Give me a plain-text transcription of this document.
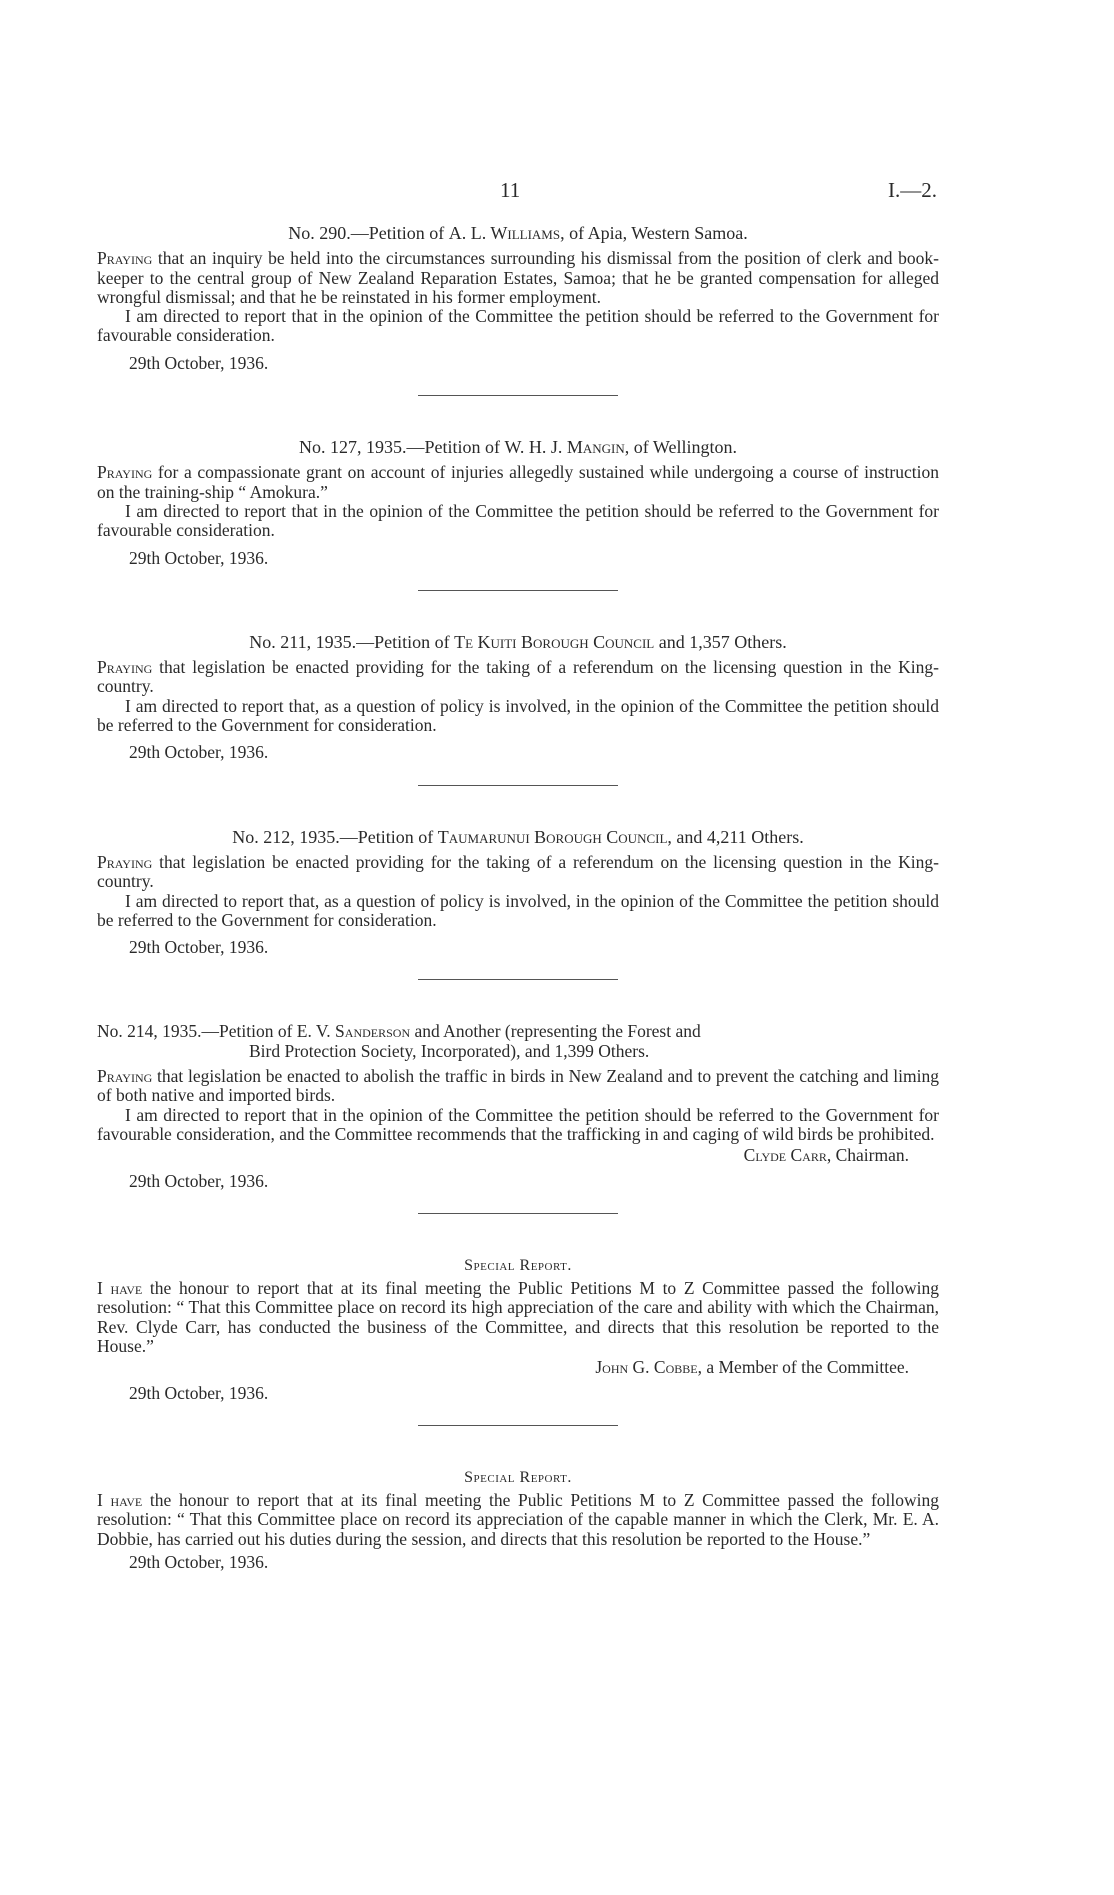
11	I.—2.

No. 290.—Petition of A. L. Williams, of Apia, Western Samoa.

Praying that an inquiry be held into the circumstances surrounding his dismissal from the position of clerk and book-keeper to the central group of New Zealand Reparation Estates, Samoa; that he be granted compensation for alleged wrongful dismissal; and that he be reinstated in his former employment.

I am directed to report that in the opinion of the Committee the petition should be referred to the Government for favourable consideration.

29th October, 1936.

No. 127, 1935.—Petition of W. H. J. Mangin, of Wellington.

Praying for a compassionate grant on account of injuries allegedly sustained while undergoing a course of instruction on the training-ship “ Amokura.”

I am directed to report that in the opinion of the Committee the petition should be referred to the Government for favourable consideration.

29th October, 1936.

No. 211, 1935.—Petition of Te Kuiti Borough Council and 1,357 Others.

Praying that legislation be enacted providing for the taking of a referendum on the licensing question in the King-country.

I am directed to report that, as a question of policy is involved, in the opinion of the Committee the petition should be referred to the Government for consideration.

29th October, 1936.

No. 212, 1935.—Petition of Taumarunui Borough Council, and 4,211 Others.

Praying that legislation be enacted providing for the taking of a referendum on the licensing question in the King-country.

I am directed to report that, as a question of policy is involved, in the opinion of the Committee the petition should be referred to the Government for consideration.

29th October, 1936.

No. 214, 1935.—Petition of E. V. Sanderson and Another (representing the Forest and
Bird Protection Society, Incorporated), and 1,399 Others.

Praying that legislation be enacted to abolish the traffic in birds in New Zealand and to prevent the catching and liming of both native and imported birds.

I am directed to report that in the opinion of the Committee the petition should be referred to the Government for favourable consideration, and the Committee recommends that the trafficking in and caging of wild birds be prohibited.

Clyde Carr, Chairman.

29th October, 1936.

Special Report.

I have the honour to report that at its final meeting the Public Petitions M to Z Committee passed the following resolution: “ That this Committee place on record its high appreciation of the care and ability with which the Chairman, Rev. Clyde Carr, has conducted the business of the Committee, and directs that this resolution be reported to the House.”

John G. Cobbe, a Member of the Committee.

29th October, 1936.

Special Report.

I have the honour to report that at its final meeting the Public Petitions M to Z Committee passed the following resolution: “ That this Committee place on record its appreciation of the capable manner in which the Clerk, Mr. E. A. Dobbie, has carried out his duties during the session, and directs that this resolution be reported to the House.”

29th October, 1936.
